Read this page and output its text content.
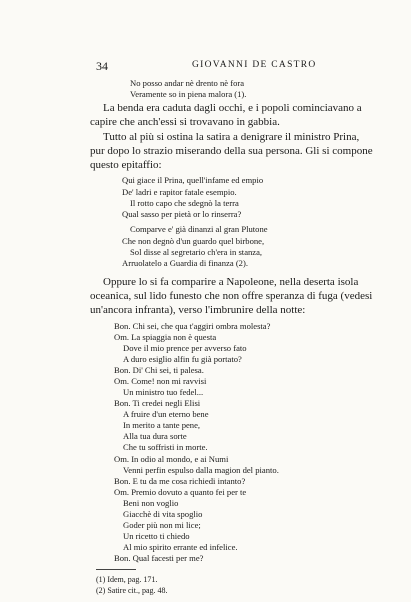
34	GIOVANNI DE CASTRO
No posso andar nè drento nè fora
Veramente so in piena malora (1).
La benda era caduta dagli occhi, e i popoli cominciavano a
capire che anch'essi si trovavano in gabbia.
Tutto al più si ostina la satira a denigrare il ministro Prina,
pur dopo lo strazio miserando della sua persona. Gli si compone
questo epitaffio:
Qui giace il Prina, quell'infame ed empio
De' ladri e rapitor fatale esempio.
Il rotto capo che sdegnò la terra
Qual sasso per pietà or lo rinserra?
Comparve e' già dinanzi al gran Plutone
Che non degnò d'un guardo quel birbone,
Sol disse al segretario ch'era in stanza,
Arruolatelo a Guardia di finanza (2).
Oppure lo si fa comparire a Napoleone, nella deserta isola
oceanica, sul lido funesto che non offre speranza di fuga (vedesi
un'ancora infranta), verso l'imbrunire della notte:
Bon. Chi sei, che qua t'aggiri ombra molesta?
Om. La spiaggia non è questa
Dove il mio prence per avverso fato
A duro esiglio alfin fu già portato?
Bon. Di' Chi sei, ti palesa.
Om. Come! non mi ravvisi
Un ministro tuo fedel...
Bon. Ti credei negli Elisi
A fruire d'un eterno bene
In merito a tante pene,
Alla tua dura sorte
Che tu soffristi in morte.
Om. In odio al mondo, e ai Numi
Venni perfin espulso dalla magion del pianto.
Bon. E tu da me cosa richiedi intanto?
Om. Premio dovuto a quanto fei per te
Beni non voglio
Giacchè di vita spoglio
Goder più non mi lice;
Un ricetto ti chiedo
Al mio spirito errante ed infelice.
Bon. Qual facesti per me?
(1) Idem, pag. 171.
(2) Satire cit., pag. 48.
